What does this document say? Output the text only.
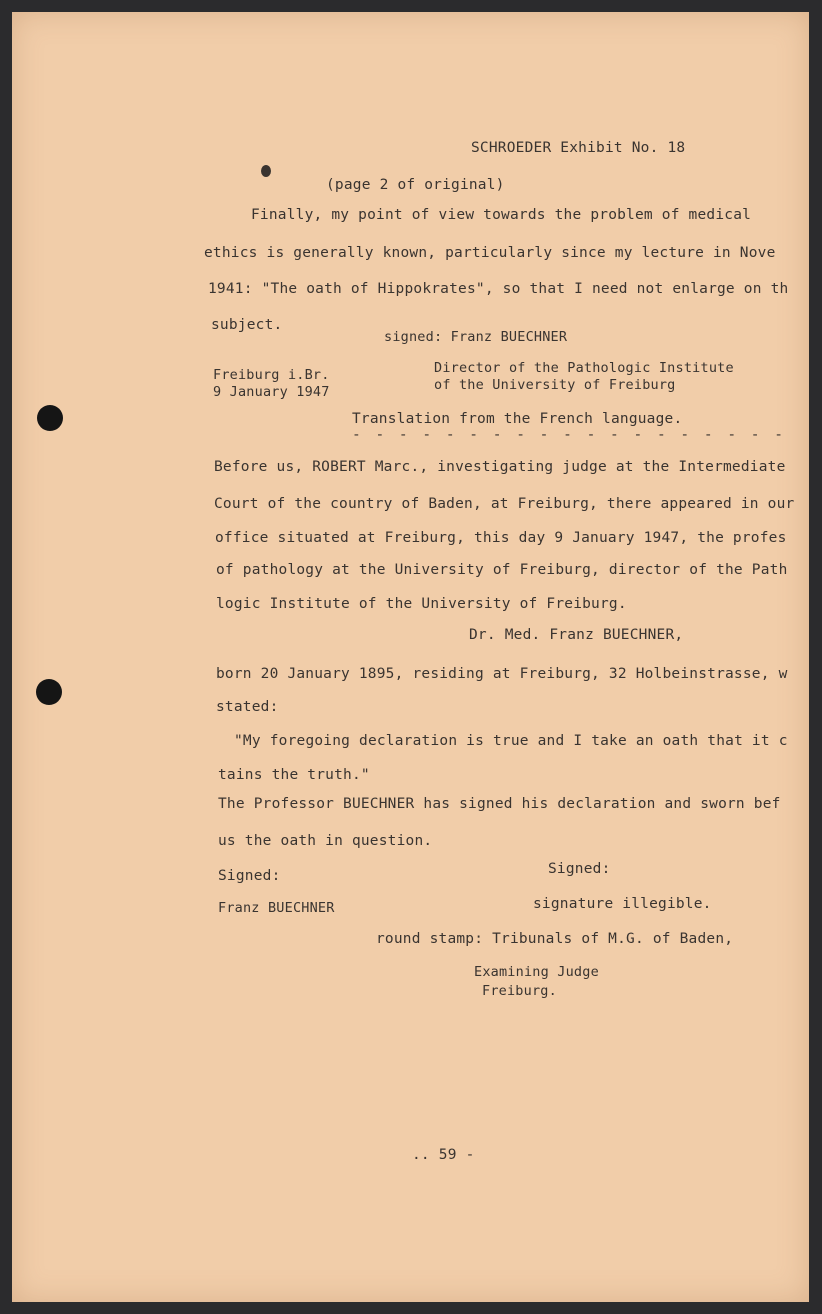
SCHROEDER Exhibit No. 18
(page 2 of original)
Finally, my point of view towards the problem of medical
ethics is generally known, particularly since my lecture in Nove
1941: "The oath of Hippokrates", so that I need not enlarge on th
subject.
signed: Franz BUECHNER
Freiburg i.Br.
9 January 1947
Director of the Pathologic Institute
of the University of Freiburg
Translation from the French language.
- - - - - - - - - - - - - - - - - - -
Before us, ROBERT Marc., investigating judge at the Intermediate
Court of the country of Baden, at Freiburg, there appeared in our
office situated at Freiburg, this day 9 January 1947, the profes
of pathology at the University of Freiburg, director of the Path
logic Institute of the University of Freiburg.
Dr. Med. Franz BUECHNER,
born 20 January 1895, residing at Freiburg, 32 Holbeinstrasse, w
stated:
"My foregoing declaration is true and I take an oath that it c
tains the truth."
The Professor BUECHNER has signed his declaration and sworn bef
us the oath in question.
Signed:	Signed:
Franz BUECHNER	signature illegible.
round stamp: Tribunals of M.G. of Baden,
Examining Judge
Freiburg.
.. 59 -
